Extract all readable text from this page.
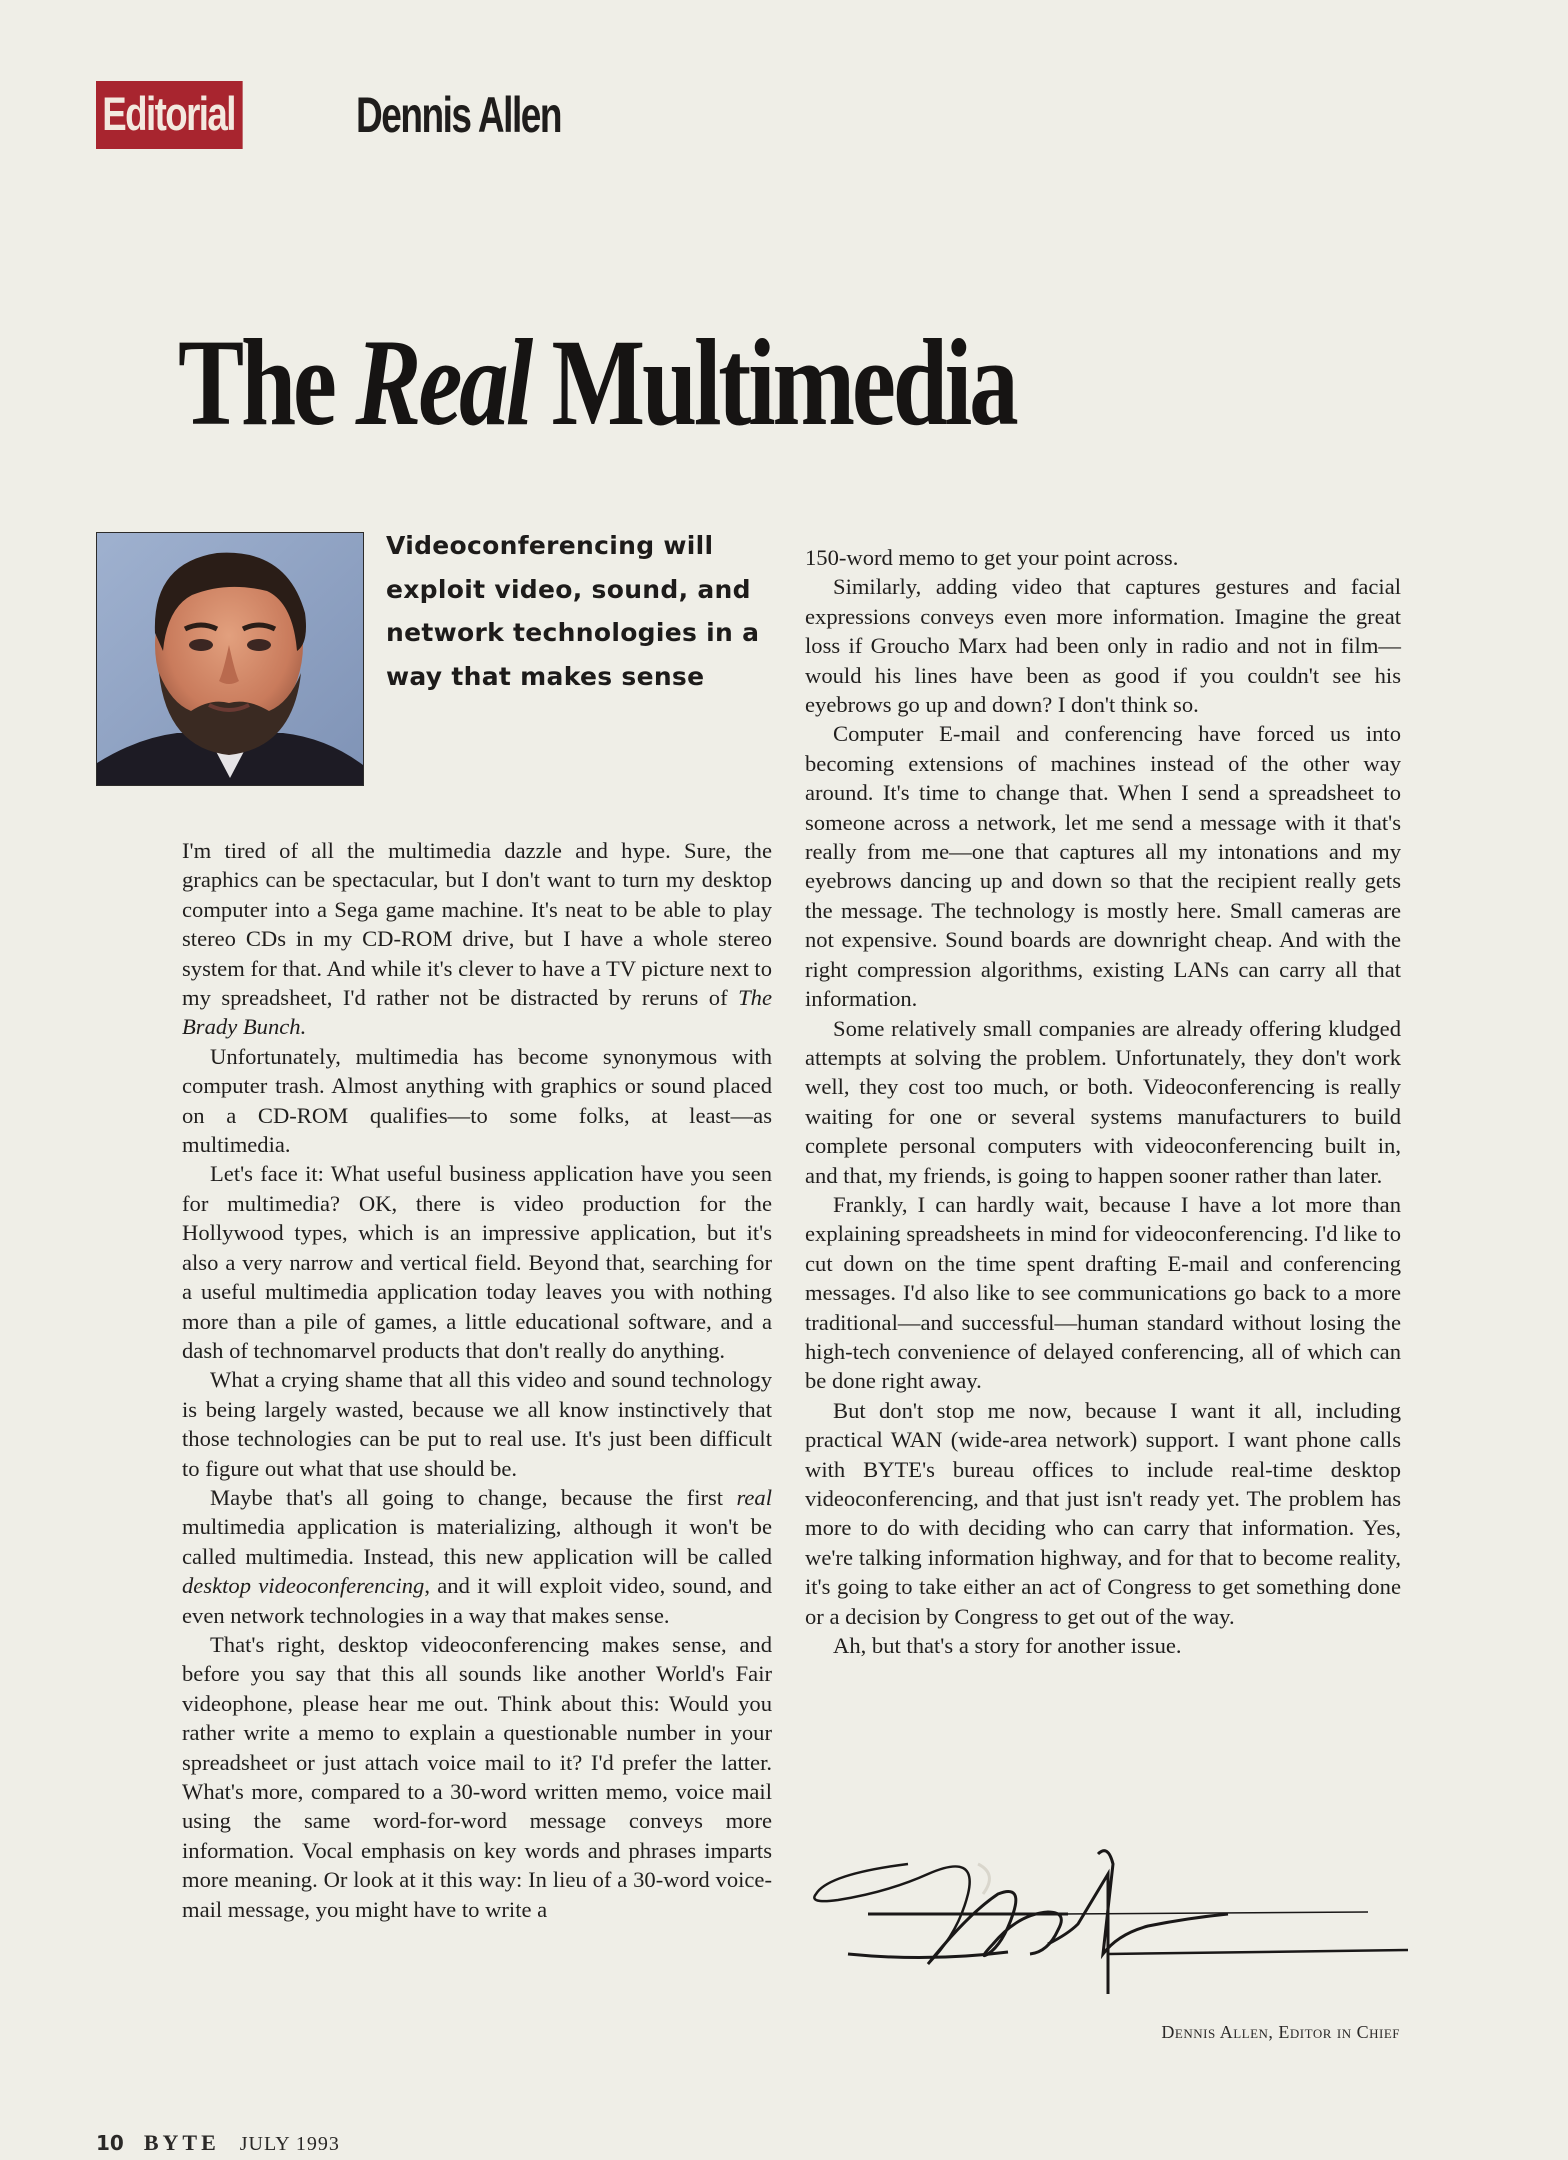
Editorial Dennis Allen
The Real Multimedia
Videoconferencing will exploit video, sound, and network technologies in a way that makes sense

I'm tired of all the multimedia dazzle and hype. Sure, the graphics can be spectacular, but I don't want to turn my desktop computer into a Sega game machine. It's neat to be able to play stereo CDs in my CD-ROM drive, but I have a whole stereo system for that. And while it's clever to have a TV picture next to my spreadsheet, I'd rather not be distracted by reruns of The Brady Bunch.

Unfortunately, multimedia has become synonymous with computer trash. Almost anything with graphics or sound placed on a CD-ROM qualifies—to some folks, at least—as multimedia.

Let's face it: What useful business application have you seen for multimedia? OK, there is video production for the Hollywood types, which is an impressive application, but it's also a very narrow and vertical field. Beyond that, searching for a useful multimedia application today leaves you with nothing more than a pile of games, a little educational software, and a dash of technomarvel products that don't really do anything.

What a crying shame that all this video and sound technology is being largely wasted, because we all know instinctively that those technologies can be put to real use. It's just been difficult to figure out what that use should be.

Maybe that's all going to change, because the first real multimedia application is materializing, although it won't be called multimedia. Instead, this new application will be called desktop videoconferencing, and it will exploit video, sound, and even network technologies in a way that makes sense.

That's right, desktop videoconferencing makes sense, and before you say that this all sounds like another World's Fair videophone, please hear me out. Think about this: Would you rather write a memo to explain a questionable number in your spreadsheet or just attach voice mail to it? I'd prefer the latter. What's more, compared to a 30-word written memo, voice mail using the same word-for-word message conveys more information. Vocal emphasis on key words and phrases imparts more meaning. Or look at it this way: In lieu of a 30-word voice-mail message, you might have to write a

150-word memo to get your point across.

Similarly, adding video that captures gestures and facial expressions conveys even more information. Imagine the great loss if Groucho Marx had been only in radio and not in film—would his lines have been as good if you couldn't see his eyebrows go up and down? I don't think so.

Computer E-mail and conferencing have forced us into becoming extensions of machines instead of the other way around. It's time to change that. When I send a spreadsheet to someone across a network, let me send a message with it that's really from me—one that captures all my intonations and my eyebrows dancing up and down so that the recipient really gets the message. The technology is mostly here. Small cameras are not expensive. Sound boards are downright cheap. And with the right compression algorithms, existing LANs can carry all that information.

Some relatively small companies are already offering kludged attempts at solving the problem. Unfortunately, they don't work well, they cost too much, or both. Videoconferencing is really waiting for one or several systems manufacturers to build complete personal computers with videoconferencing built in, and that, my friends, is going to happen sooner rather than later.

Frankly, I can hardly wait, because I have a lot more than explaining spreadsheets in mind for videoconferencing. I'd like to cut down on the time spent drafting E-mail and conferencing messages. I'd also like to see communications go back to a more traditional—and successful—human standard without losing the high-tech convenience of delayed conferencing, all of which can be done right away.

But don't stop me now, because I want it all, including practical WAN (wide-area network) support. I want phone calls with BYTE's bureau offices to include real-time desktop videoconferencing, and that just isn't ready yet. The problem has more to do with deciding who can carry that information. Yes, we're talking information highway, and for that to become reality, it's going to take either an act of Congress to get something done or a decision by Congress to get out of the way.

Ah, but that's a story for another issue.

Dennis Allen, Editor in Chief
10 BYTE JULY 1993
